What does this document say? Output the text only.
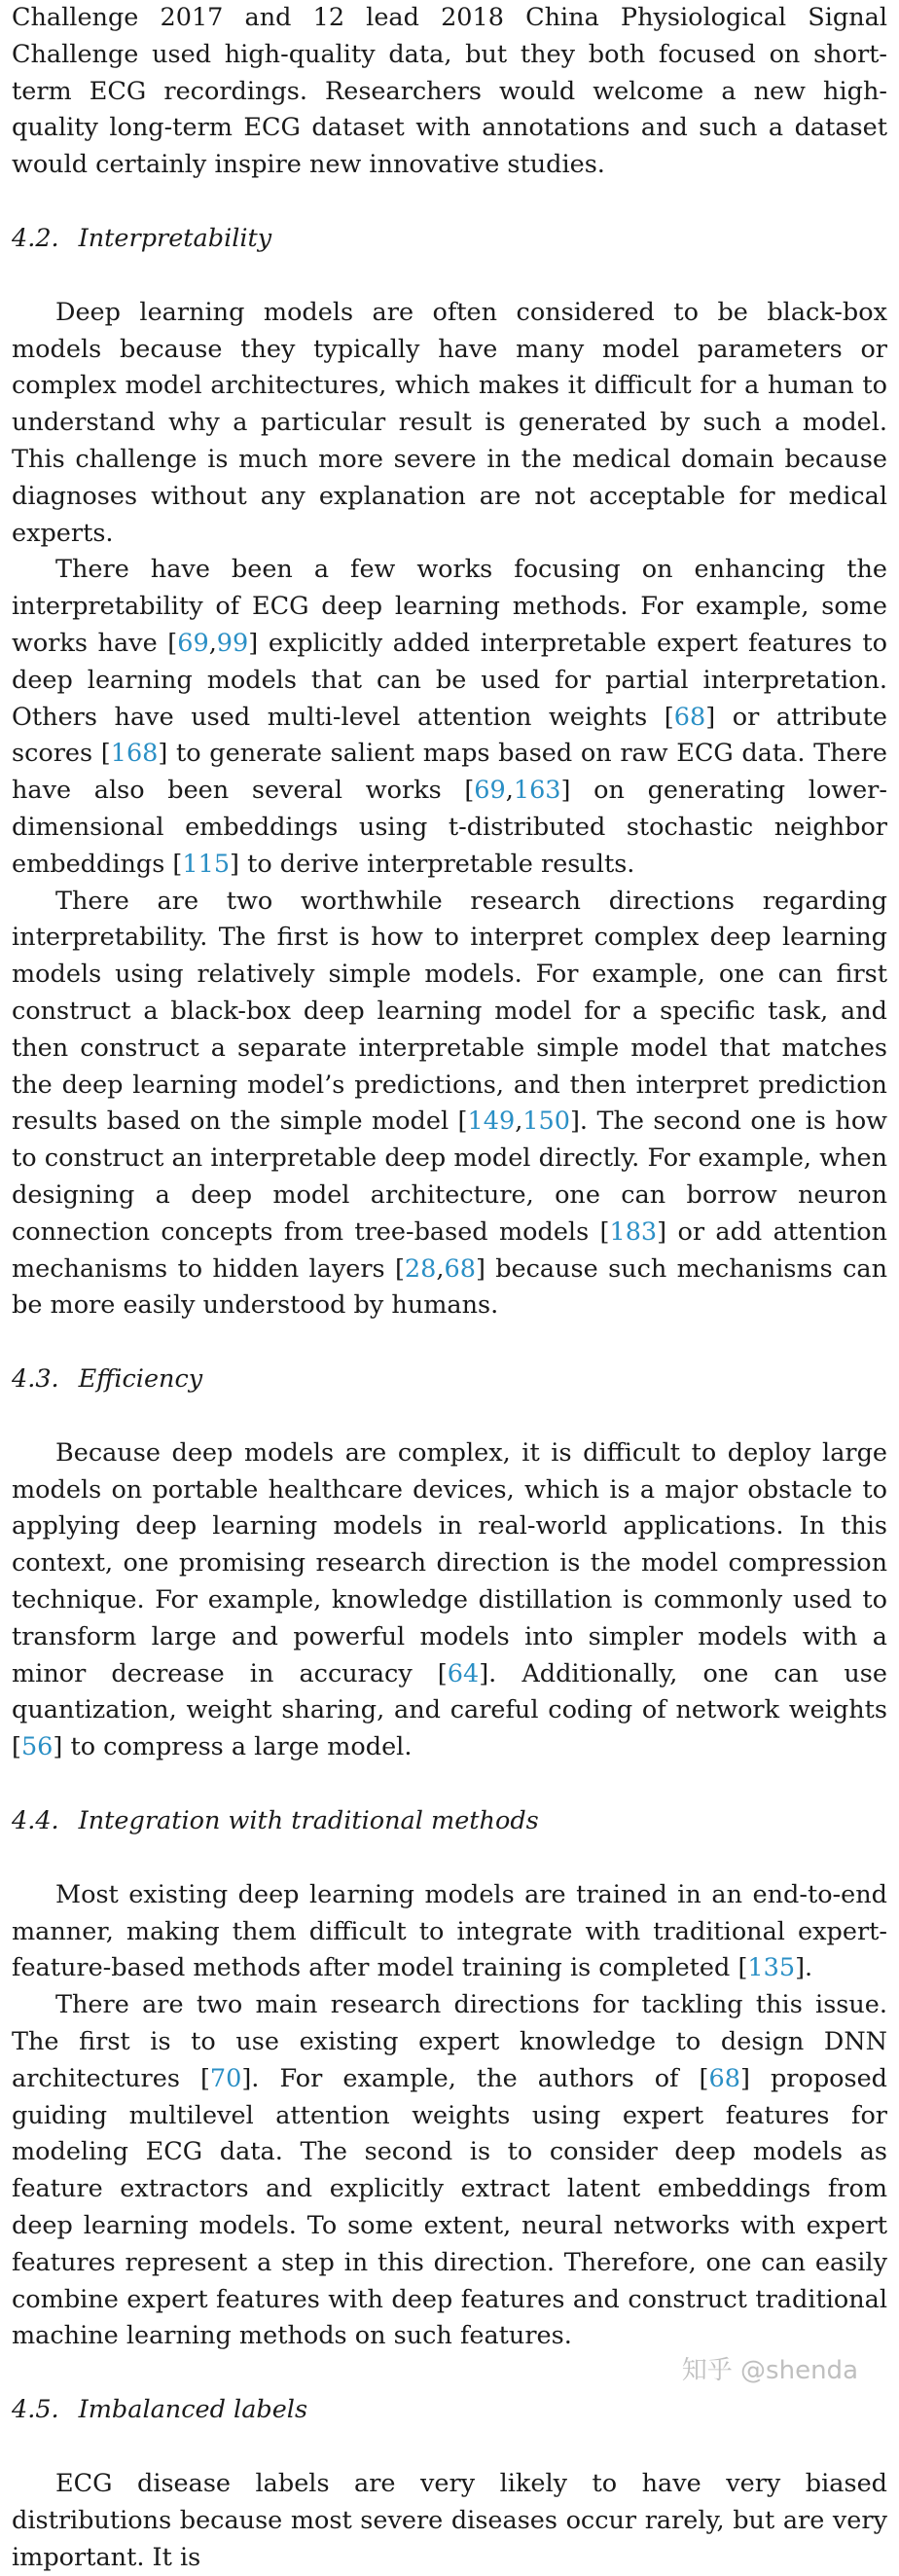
Challenge 2017 and 12 lead 2018 China Physiological Signal Challenge used high-quality data, but they both focused on short-term ECG recordings. Researchers would welcome a new high-quality long-term ECG dataset with annotations and such a dataset would certainly inspire new innovative studies.

4.2. Interpretability

Deep learning models are often considered to be black-box models because they typically have many model parameters or complex model architectures, which makes it difficult for a human to understand why a particular result is generated by such a model. This challenge is much more severe in the medical domain because diagnoses without any explanation are not acceptable for medical experts.

There have been a few works focusing on enhancing the interpretability of ECG deep learning methods. For example, some works have [69,99] explicitly added interpretable expert features to deep learning models that can be used for partial interpretation. Others have used multi-level attention weights [68] or attribute scores [168] to generate salient maps based on raw ECG data. There have also been several works [69,163] on generating lower-dimensional embeddings using t-distributed stochastic neighbor embeddings [115] to derive interpretable results.

There are two worthwhile research directions regarding interpretability. The first is how to interpret complex deep learning models using relatively simple models. For example, one can first construct a black-box deep learning model for a specific task, and then construct a separate interpretable simple model that matches the deep learning model’s predictions, and then interpret prediction results based on the simple model [149,150]. The second one is how to construct an interpretable deep model directly. For example, when designing a deep model architecture, one can borrow neuron connection concepts from tree-based models [183] or add attention mechanisms to hidden layers [28,68] because such mechanisms can be more easily understood by humans.

4.3. Efficiency

Because deep models are complex, it is difficult to deploy large models on portable healthcare devices, which is a major obstacle to applying deep learning models in real-world applications. In this context, one promising research direction is the model compression technique. For example, knowledge distillation is commonly used to transform large and powerful models into simpler models with a minor decrease in accuracy [64]. Additionally, one can use quantization, weight sharing, and careful coding of network weights [56] to compress a large model.

4.4. Integration with traditional methods

Most existing deep learning models are trained in an end-to-end manner, making them difficult to integrate with traditional expert-feature-based methods after model training is completed [135].

There are two main research directions for tackling this issue. The first is to use existing expert knowledge to design DNN architectures [70]. For example, the authors of [68] proposed guiding multilevel attention weights using expert features for modeling ECG data. The second is to consider deep models as feature extractors and explicitly extract latent embeddings from deep learning models. To some extent, neural networks with expert features represent a step in this direction. Therefore, one can easily combine expert features with deep features and construct traditional machine learning methods on such features.

4.5. Imbalanced labels

ECG disease labels are very likely to have very biased distributions because most severe diseases occur rarely, but are very important. It is

知乎 @shenda
